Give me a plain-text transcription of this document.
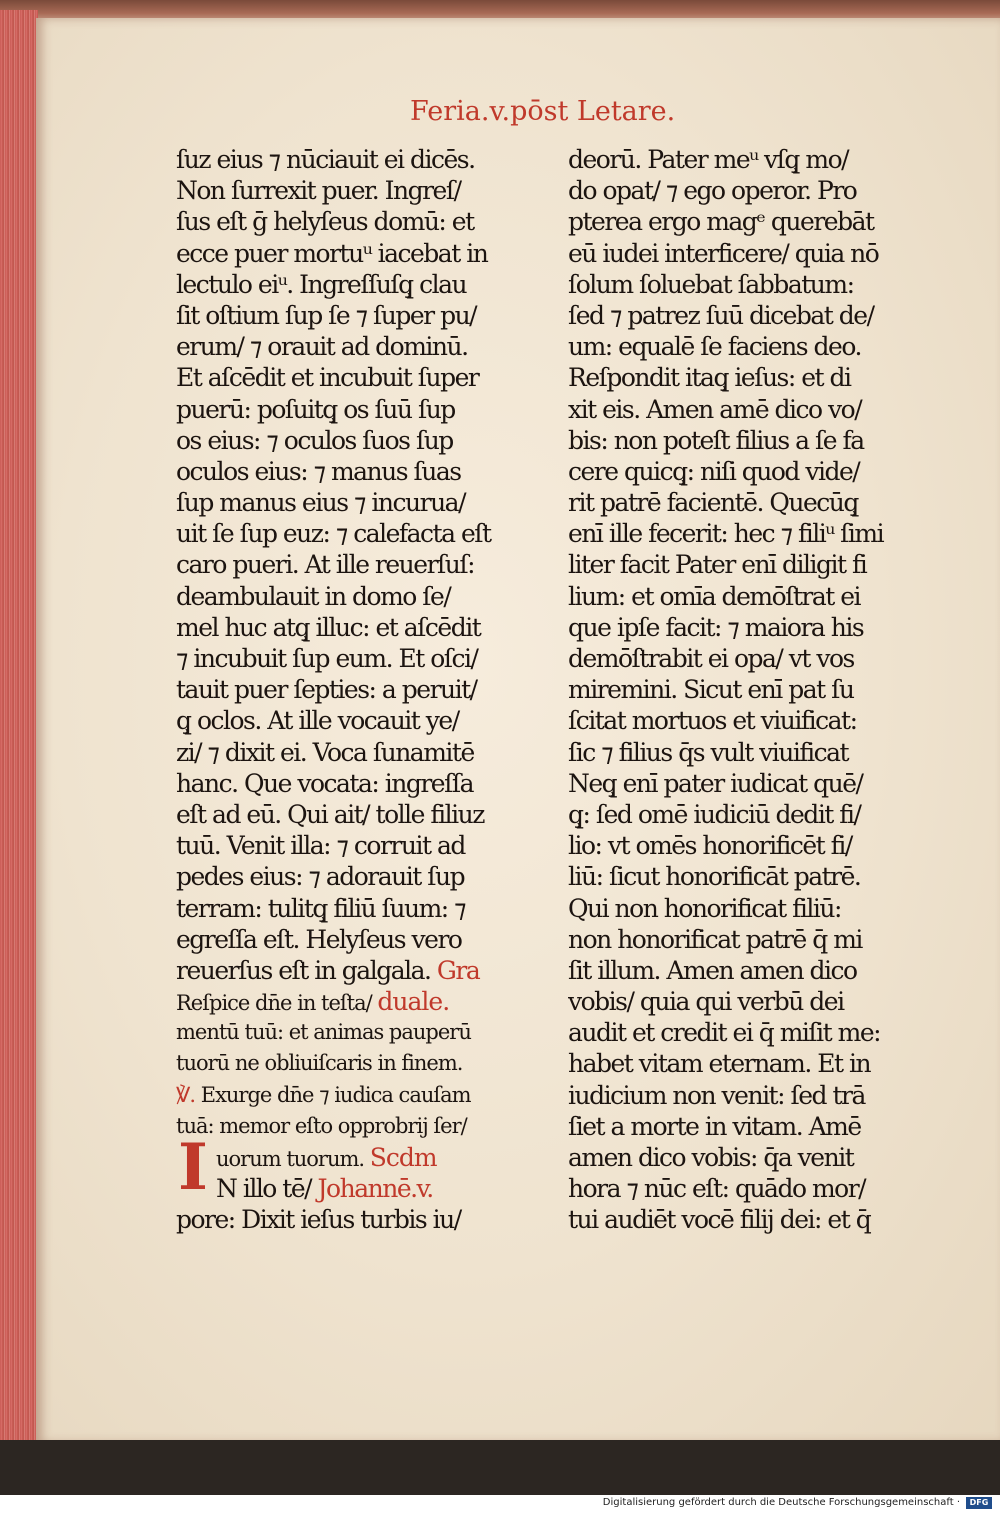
Feria.v.pōst Letare.
ſuz eius ⁊ nūciauit ei dicēs.
Non ſurrexit puer. Ingreſ/
ſus eſt ḡ helyſeus domū: et
ecce puer mortuᵘ iacebat in
lectulo eiᵘ. Ingreſſuſq̧ clau
ſit oſtium ſup ſe ⁊ ſuper pu/
erum/ ⁊ orauit ad dominū.
Et aſcēdit et incubuit ſuper
puerū: poſuitq̧ os ſuū ſup
os eius: ⁊ oculos ſuos ſup
oculos eius: ⁊ manus ſuas
ſup manus eius ⁊ incurua/
uit ſe ſup euz: ⁊ calefacta eſt
caro pueri. At ille reuerſuſ:
deambulauit in domo ſe/
mel huc atq̧ illuc: et aſcēdit
⁊ incubuit ſup eum. Et oſci/
tauit puer ſepties: a peruit/
q̧ oclos. At ille vocauit ye/
zi/ ⁊ dixit ei. Voca ſunamitē
hanc. Que vocata: ingreſſa
eſt ad eū. Qui ait/ tolle filiuz
tuū. Venit illa: ⁊ corruit ad
pedes eius: ⁊ adorauit ſup
terram: tulitq̧ filiū ſuum: ⁊
egreſſa eſt. Helyſeus vero
reuerſus eſt in galgala. Gra
Reſpice dn̄e in teſta/ duale.
mentū tuū: et animas pauperū
tuorū ne obliuiſcaris in finem.
℣. Exurge dn̄e ⁊ iudica cauſam
tuā: memor eſto opprobrij ſer/
uorum tuorum. Scdm
N illo tē/ Johannē.v.
pore: Dixit ieſus turbis iu/
I
deorū. Pater meᵘ vſq̧ mo/
do opat/ ⁊ ego operor. Pro
pterea ergo magᵉ querebāt
eū iudei interficere/ quia nō
ſolum ſoluebat ſabbatum:
ſed ⁊ patrez ſuū dicebat de/
um: equalē ſe faciens deo.
Reſpondit itaq̧ ieſus: et di
xit eis. Amen amē dico vo/
bis: non poteſt filius a ſe fa
cere quicq̧: niſi quod vide/
rit patrē facientē. Quecūq̧
enī ille fecerit: hec ⁊ filiᵘ ſimi
liter facit Pater enī diligit fi
lium: et omīa demōſtrat ei
que ipſe facit: ⁊ maiora his
demōſtrabit ei opa/ vt vos
miremini. Sicut enī pat ſu
ſcitat mortuos et viuificat:
ſic ⁊ filius q̄s vult viuificat
Neq̧ enī pater iudicat quē/
q̧: ſed omē iudiciū dedit fi/
lio: vt omēs honorificēt fi/
liū: ſicut honorificāt patrē.
Qui non honorificat filiū:
non honorificat patrē q̄ mi
ſit illum. Amen amen dico
vobis/ quia qui verbū dei
audit et credit ei q̄ miſit me:
habet vitam eternam. Et in
iudicium non venit: ſed trā
ſiet a morte in vitam. Amē
amen dico vobis: q̄a venit
hora ⁊ nūc eſt: quādo mor/
tui audiēt vocē filij dei: et q̄
Digitalisierung gefördert durch die Deutsche Forschungsgemeinschaft ·	DFG
